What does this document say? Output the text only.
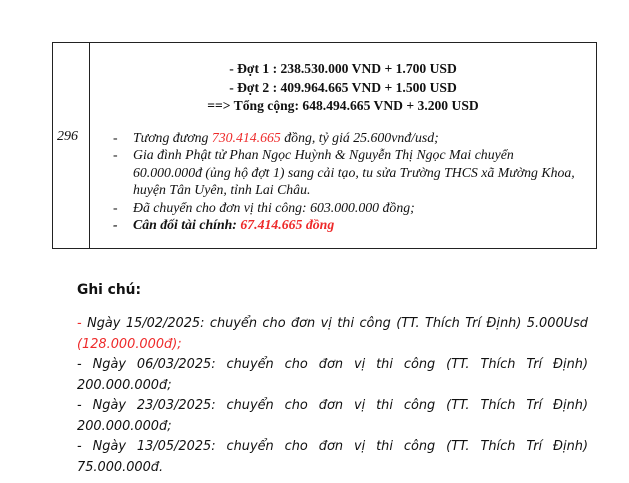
296
- Đợt 1 : 238.530.000 VND + 1.700 USD
- Đợt 2 : 409.964.665 VND + 1.500 USD
==> Tổng cộng: 648.494.665 VND + 3.200 USD
- Tương đương 730.414.665 đồng, tỷ giá 25.600vnđ/usd;
- Gia đình Phật tử Phan Ngọc Huỳnh & Nguyễn Thị Ngọc Mai chuyển 60.000.000đ (ủng hộ đợt 1) sang cải tạo, tu sửa Trường THCS xã Mường Khoa, huyện Tân Uyên, tỉnh Lai Châu.
- Đã chuyển cho đơn vị thi công: 603.000.000 đồng;
- Cân đối tài chính: 67.414.665 đồng
Ghi chú:
- Ngày 15/02/2025: chuyển cho đơn vị thi công (TT. Thích Trí Định) 5.000Usd (128.000.000đ);
- Ngày 06/03/2025: chuyển cho đơn vị thi công (TT. Thích Trí Định) 200.000.000đ;
- Ngày 23/03/2025: chuyển cho đơn vị thi công (TT. Thích Trí Định) 200.000.000đ;
- Ngày 13/05/2025: chuyển cho đơn vị thi công (TT. Thích Trí Định) 75.000.000đ.
